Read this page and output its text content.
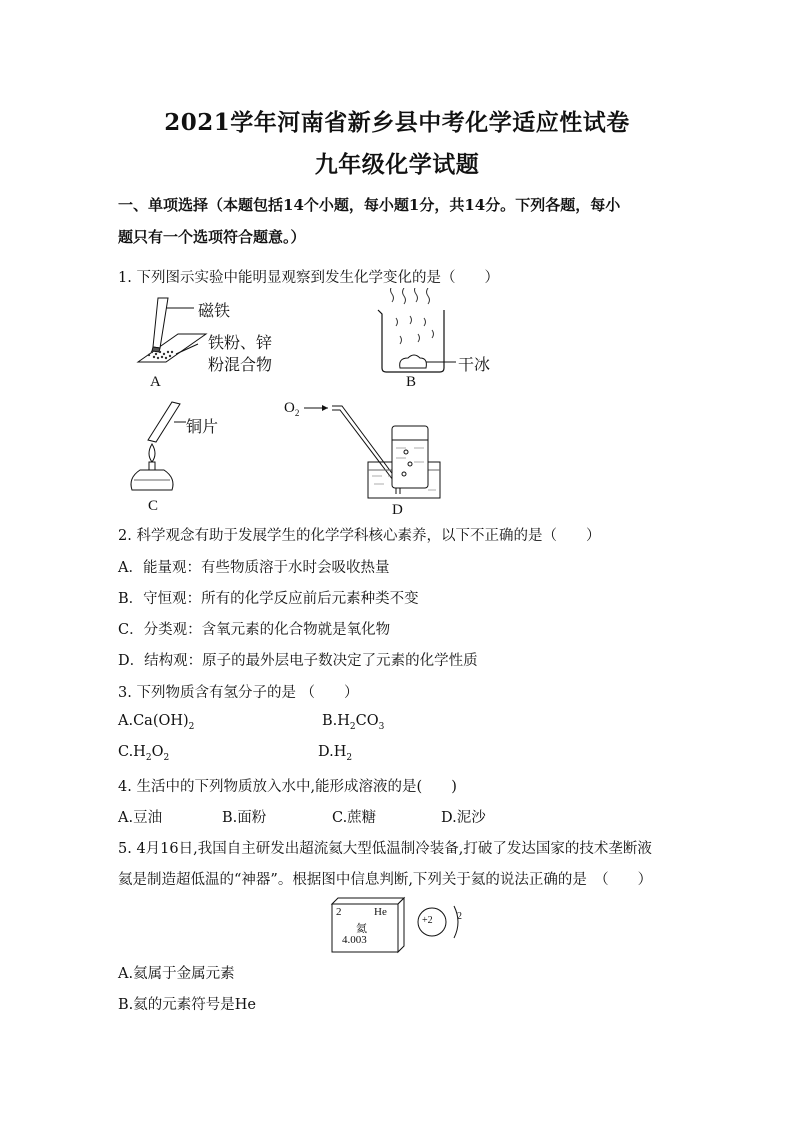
2021学年河南省新乡县中考化学适应性试卷
九年级化学试题
一、单项选择（本题包括14个小题，每小题1分，共14分。下列各题，每小
题只有一个选项符合题意。）
1. 下列图示实验中能明显观察到发生化学变化的是（　　）
磁铁
铁粉、锌
粉混合物
A
干冰
B
铜片
C
$O_2$
D
2. 科学观念有助于发展学生的化学学科核心素养，以下不正确的是（　　）
A．能量观：有些物质溶于水时会吸收热量
B．守恒观：所有的化学反应前后元素种类不变
C．分类观：含氧元素的化合物就是氧化物
D．结构观：原子的最外层电子数决定了元素的化学性质
3. 下列物质含有氢分子的是 （　　）
$A.Ca(OH)_2$	$B.H_2CO_3$
$C.H_2O_2$	$D.H_2$
4. 生活中的下列物质放入水中,能形成溶液的是(　　)
A.豆油	B.面粉	C.蔗糖	D.泥沙
5. 4月16日,我国自主研发出超流氦大型低温制冷装备,打破了发达国家的技术垄断液
氦是制造超低温的“神器”。根据图中信息判断,下列关于氦的说法正确的是　（　　）
2	He
氦
4.003
+2 2
A.氦属于金属元素
B.氦的元素符号是He
